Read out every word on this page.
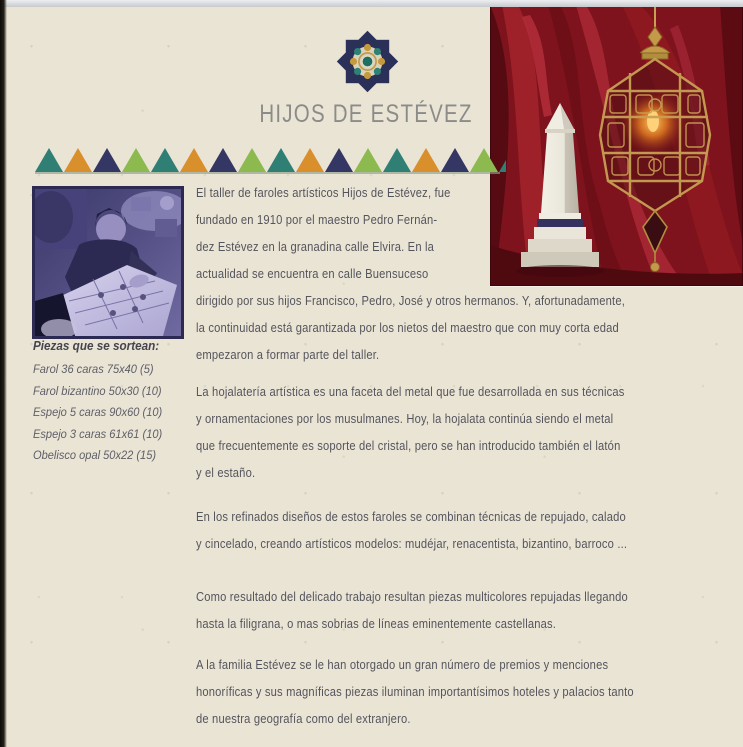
HIJOS DE ESTÉVEZ
Piezas que se sortean:
Farol 36 caras 75x40 (5)
Farol bizantino 50x30 (10)
Espejo 5 caras 90x60 (10)
Espejo 3 caras 61x61 (10)
Obelisco opal 50x22 (15)
El taller de faroles artísticos Hijos de Estévez, fue
fundado en 1910 por el maestro Pedro Fernán-
dez Estévez en la granadina calle Elvira. En la
actualidad se encuentra en calle Buensuceso
dirigido por sus hijos Francisco, Pedro, José y otros hermanos. Y, afortunadamente,
la continuidad está garantizada por los nietos del maestro que con muy corta edad
empezaron a formar parte del taller.
La hojalatería artística es una faceta del metal que fue desarrollada en sus técnicas
y ornamentaciones por los musulmanes. Hoy, la hojalata continúa siendo el metal
que frecuentemente es soporte del cristal, pero se han introducido también el latón
y el estaño.
En los refinados diseños de estos faroles se combinan técnicas de repujado, calado
y cincelado, creando artísticos modelos: mudéjar, renacentista, bizantino, barroco ...
Como resultado del delicado trabajo resultan piezas multicolores repujadas llegando
hasta la filigrana, o mas sobrias de líneas eminentemente castellanas.
A la familia Estévez se le han otorgado un gran número de premios y menciones
honoríficas y sus magníficas piezas iluminan importantísimos hoteles y palacios tanto
de nuestra geografía como del extranjero.
